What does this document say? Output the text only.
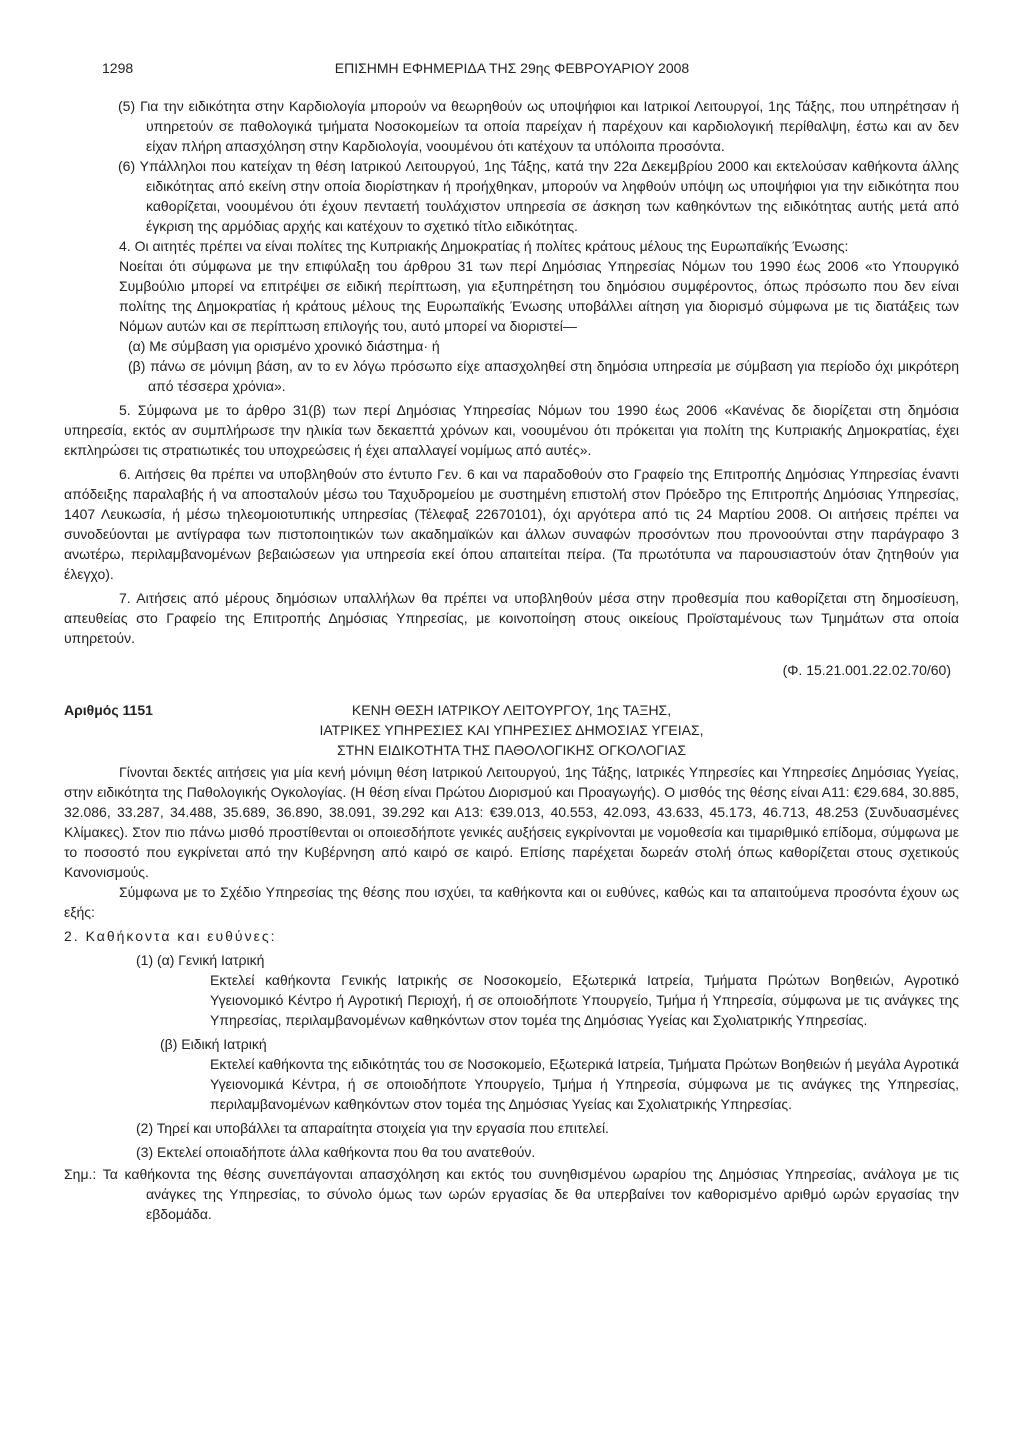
1298	ΕΠΙΣΗΜΗ ΕΦΗΜΕΡΙΔΑ ΤΗΣ 29ης ΦΕΒΡΟΥΑΡΙΟΥ 2008

(5) Για την ειδικότητα στην Καρδιολογία μπορούν να θεωρηθούν ως υποψήφιοι και Ιατρικοί Λειτουργοί, 1ης Τάξης, που υπηρέτησαν ή υπηρετούν σε παθολογικά τμήματα Νοσοκομείων τα οποία παρείχαν ή παρέχουν και καρδιολογική περίθαλψη, έστω και αν δεν είχαν πλήρη απασχόληση στην Καρδιολογία, νοουμένου ότι κατέχουν τα υπόλοιπα προσόντα.

(6) Υπάλληλοι που κατείχαν τη θέση Ιατρικού Λειτουργού, 1ης Τάξης, κατά την 22α Δεκεμβρίου 2000 και εκτελούσαν καθήκοντα άλλης ειδικότητας από εκείνη στην οποία διορίστηκαν ή προήχθηκαν, μπορούν να ληφθούν υπόψη ως υποψήφιοι για την ειδικότητα που καθορίζεται, νοουμένου ότι έχουν πενταετή τουλάχιστον υπηρεσία σε άσκηση των καθηκόντων της ειδικότητας αυτής μετά από έγκριση της αρμόδιας αρχής και κατέχουν το σχετικό τίτλο ειδικότητας.

4. Οι αιτητές πρέπει να είναι πολίτες της Κυπριακής Δημοκρατίας ή πολίτες κράτους μέλους της Ευρωπαϊκής Ένωσης:

Νοείται ότι σύμφωνα με την επιφύλαξη του άρθρου 31 των περί Δημόσιας Υπηρεσίας Νόμων του 1990 έως 2006 «το Υπουργικό Συμβούλιο μπορεί να επιτρέψει σε ειδική περίπτωση, για εξυπηρέτηση του δημόσιου συμφέροντος, όπως πρόσωπο που δεν είναι πολίτης της Δημοκρατίας ή κράτους μέλους της Ευρωπαϊκής Ένωσης υποβάλλει αίτηση για διορισμό σύμφωνα με τις διατάξεις των Νόμων αυτών και σε περίπτωση επιλογής του, αυτό μπορεί να διοριστεί—

(α) Με σύμβαση για ορισμένο χρονικό διάστημα· ή

(β) πάνω σε μόνιμη βάση, αν το εν λόγω πρόσωπο είχε απασχοληθεί στη δημόσια υπηρεσία με σύμβαση για περίοδο όχι μικρότερη από τέσσερα χρόνια».

5. Σύμφωνα με το άρθρο 31(β) των περί Δημόσιας Υπηρεσίας Νόμων του 1990 έως 2006 «Κανένας δε διορίζεται στη δημόσια υπηρεσία, εκτός αν συμπλήρωσε την ηλικία των δεκαεπτά χρόνων και, νοουμένου ότι πρόκειται για πολίτη της Κυπριακής Δημοκρατίας, έχει εκπληρώσει τις στρατιωτικές του υποχρεώσεις ή έχει απαλλαγεί νομίμως από αυτές».

6. Αιτήσεις θα πρέπει να υποβληθούν στο έντυπο Γεν. 6 και να παραδοθούν στο Γραφείο της Επιτροπής Δημόσιας Υπηρεσίας έναντι απόδειξης παραλαβής ή να αποσταλούν μέσω του Ταχυδρομείου με συστημένη επιστολή στον Πρόεδρο της Επιτροπής Δημόσιας Υπηρεσίας, 1407 Λευκωσία, ή μέσω τηλεομοιοτυπικής υπηρεσίας (Τέλεφαξ 22670101), όχι αργότερα από τις 24 Μαρτίου 2008. Οι αιτήσεις πρέπει να συνοδεύονται με αντίγραφα των πιστοποιητικών των ακαδημαϊκών και άλλων συναφών προσόντων που προνοούνται στην παράγραφο 3 ανωτέρω, περιλαμβανομένων βεβαιώσεων για υπηρεσία εκεί όπου απαιτείται πείρα. (Τα πρωτότυπα να παρουσιαστούν όταν ζητηθούν για έλεγχο).

7. Αιτήσεις από μέρους δημόσιων υπαλλήλων θα πρέπει να υποβληθούν μέσα στην προθεσμία που καθορίζεται στη δημοσίευση, απευθείας στο Γραφείο της Επιτροπής Δημόσιας Υπηρεσίας, με κοινοποίηση στους οικείους Προϊσταμένους των Τμημάτων στα οποία υπηρετούν.

(Φ. 15.21.001.22.02.70/60)

Αριθμός 1151	ΚΕΝΗ ΘΕΣΗ ΙΑΤΡΙΚΟΥ ΛΕΙΤΟΥΡΓΟΥ, 1ης ΤΑΞΗΣ,

ΙΑΤΡΙΚΕΣ ΥΠΗΡΕΣΙΕΣ ΚΑΙ ΥΠΗΡΕΣΙΕΣ ΔΗΜΟΣΙΑΣ ΥΓΕΙΑΣ,

ΣΤΗΝ ΕΙΔΙΚΟΤΗΤΑ ΤΗΣ ΠΑΘΟΛΟΓΙΚΗΣ ΟΓΚΟΛΟΓΙΑΣ

Γίνονται δεκτές αιτήσεις για μία κενή μόνιμη θέση Ιατρικού Λειτουργού, 1ης Τάξης, Ιατρικές Υπηρεσίες και Υπηρεσίες Δημόσιας Υγείας, στην ειδικότητα της Παθολογικής Ογκολογίας. (Η θέση είναι Πρώτου Διορισμού και Προαγωγής). Ο μισθός της θέσης είναι Α11: €29.684, 30.885, 32.086, 33.287, 34.488, 35.689, 36.890, 38.091, 39.292 και Α13: €39.013, 40.553, 42.093, 43.633, 45.173, 46.713, 48.253 (Συνδυασμένες Κλίμακες). Στον πιο πάνω μισθό προστίθενται οι οποιεσδήποτε γενικές αυξήσεις εγκρίνονται με νομοθεσία και τιμαριθμικό επίδομα, σύμφωνα με το ποσοστό που εγκρίνεται από την Κυβέρνηση από καιρό σε καιρό. Επίσης παρέχεται δωρεάν στολή όπως καθορίζεται στους σχετικούς Κανονισμούς.

Σύμφωνα με το Σχέδιο Υπηρεσίας της θέσης που ισχύει, τα καθήκοντα και οι ευθύνες, καθώς και τα απαιτούμενα προσόντα έχουν ως εξής:

2. Καθήκοντα και ευθύνες:

(1) (α) Γενική Ιατρική

Εκτελεί καθήκοντα Γενικής Ιατρικής σε Νοσοκομείο, Εξωτερικά Ιατρεία, Τμήματα Πρώτων Βοηθειών, Αγροτικό Υγειονομικό Κέντρο ή Αγροτική Περιοχή, ή σε οποιοδήποτε Υπουργείο, Τμήμα ή Υπηρεσία, σύμφωνα με τις ανάγκες της Υπηρεσίας, περιλαμβανομένων καθηκόντων στον τομέα της Δημόσιας Υγείας και Σχολιατρικής Υπηρεσίας.

(β) Ειδική Ιατρική

Εκτελεί καθήκοντα της ειδικότητάς του σε Νοσοκομείο, Εξωτερικά Ιατρεία, Τμήματα Πρώτων Βοηθειών ή μεγάλα Αγροτικά Υγειονομικά Κέντρα, ή σε οποιοδήποτε Υπουργείο, Τμήμα ή Υπηρεσία, σύμφωνα με τις ανάγκες της Υπηρεσίας, περιλαμβανομένων καθηκόντων στον τομέα της Δημόσιας Υγείας και Σχολιατρικής Υπηρεσίας.

(2) Τηρεί και υποβάλλει τα απαραίτητα στοιχεία για την εργασία που επιτελεί.

(3) Εκτελεί οποιαδήποτε άλλα καθήκοντα που θα του ανατεθούν.

Σημ.: Τα καθήκοντα της θέσης συνεπάγονται απασχόληση και εκτός του συνηθισμένου ωραρίου της Δημόσιας Υπηρεσίας, ανάλογα με τις ανάγκες της Υπηρεσίας, το σύνολο όμως των ωρών εργασίας δε θα υπερβαίνει τον καθορισμένο αριθμό ωρών εργασίας την εβδομάδα.
